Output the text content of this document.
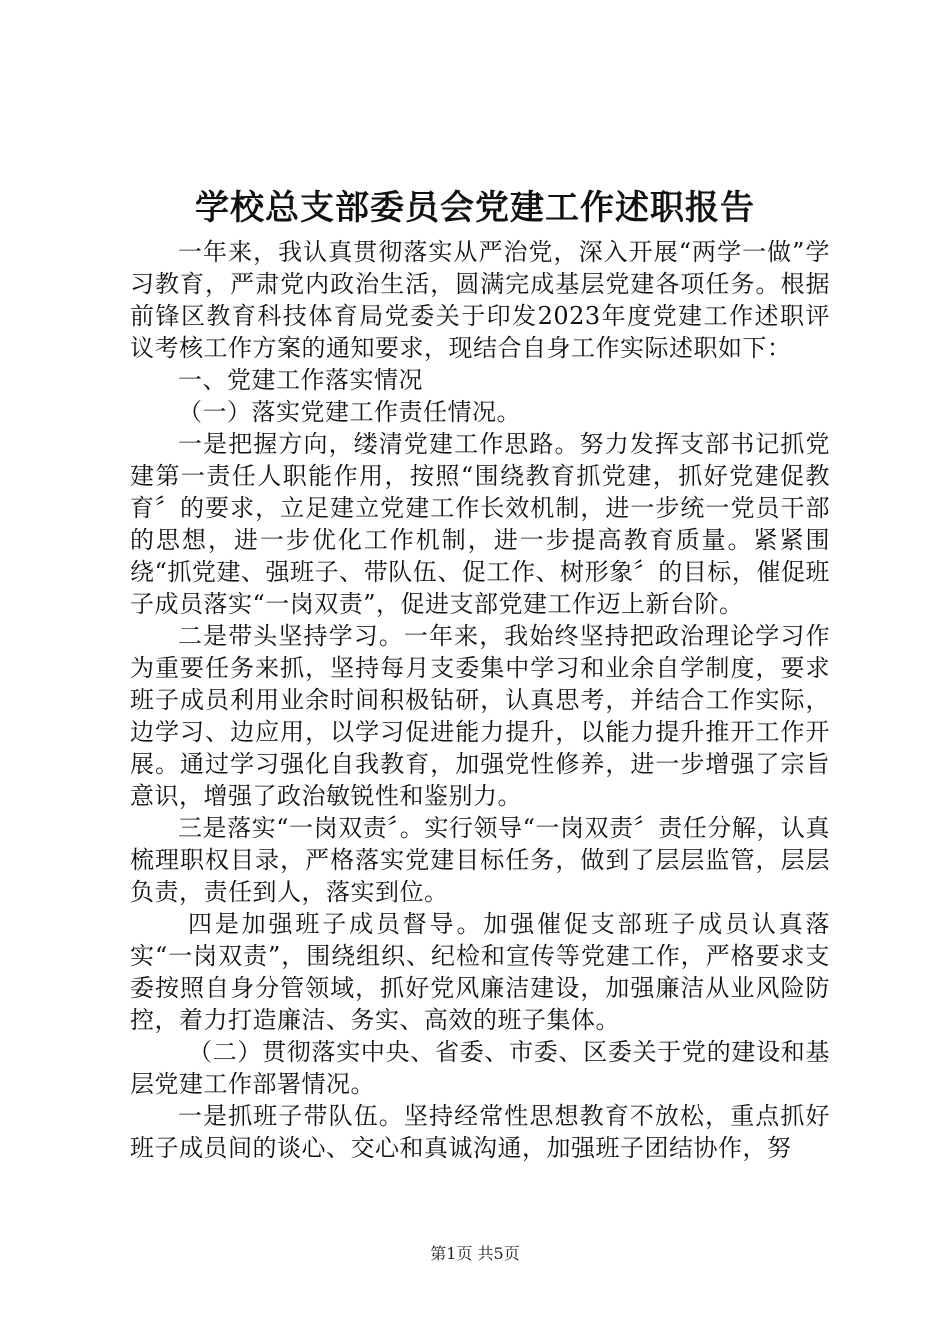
学校总支部委员会党建工作述职报告

一年来，我认真贯彻落实从严治党，深入开展“两学一做”学习教育，严肃党内政治生活，圆满完成基层党建各项任务。根据前锋区教育科技体育局党委关于印发2023年度党建工作述职评议考核工作方案的通知要求，现结合自身工作实际述职如下：

一、党建工作落实情况

（一）落实党建工作责任情况。

一是把握方向，缕清党建工作思路。努力发挥支部书记抓党建第一责任人职能作用，按照“围绕教育抓党建，抓好党建促教育〞的要求，立足建立党建工作长效机制，进一步统一党员干部的思想，进一步优化工作机制，进一步提高教育质量。紧紧围绕“抓党建、强班子、带队伍、促工作、树形象〞的目标，催促班子成员落实“一岗双责”，促进支部党建工作迈上新台阶。

二是带头坚持学习。一年来，我始终坚持把政治理论学习作为重要任务来抓，坚持每月支委集中学习和业余自学制度，要求班子成员利用业余时间积极钻研，认真思考，并结合工作实际，边学习、边应用，以学习促进能力提升，以能力提升推开工作开展。通过学习强化自我教育，加强党性修养，进一步增强了宗旨意识，增强了政治敏锐性和鉴别力。

三是落实“一岗双责〞。实行领导“一岗双责〞责任分解，认真梳理职权目录，严格落实党建目标任务，做到了层层监管，层层负责，责任到人，落实到位。

四是加强班子成员督导。加强催促支部班子成员认真落实“一岗双责”，围绕组织、纪检和宣传等党建工作，严格要求支委按照自身分管领域，抓好党风廉洁建设，加强廉洁从业风险防控，着力打造廉洁、务实、高效的班子集体。

（二）贯彻落实中央、省委、市委、区委关于党的建设和基层党建工作部署情况。

一是抓班子带队伍。坚持经常性思想教育不放松，重点抓好班子成员间的谈心、交心和真诚沟通，加强班子团结协作，努

第1页 共5页
